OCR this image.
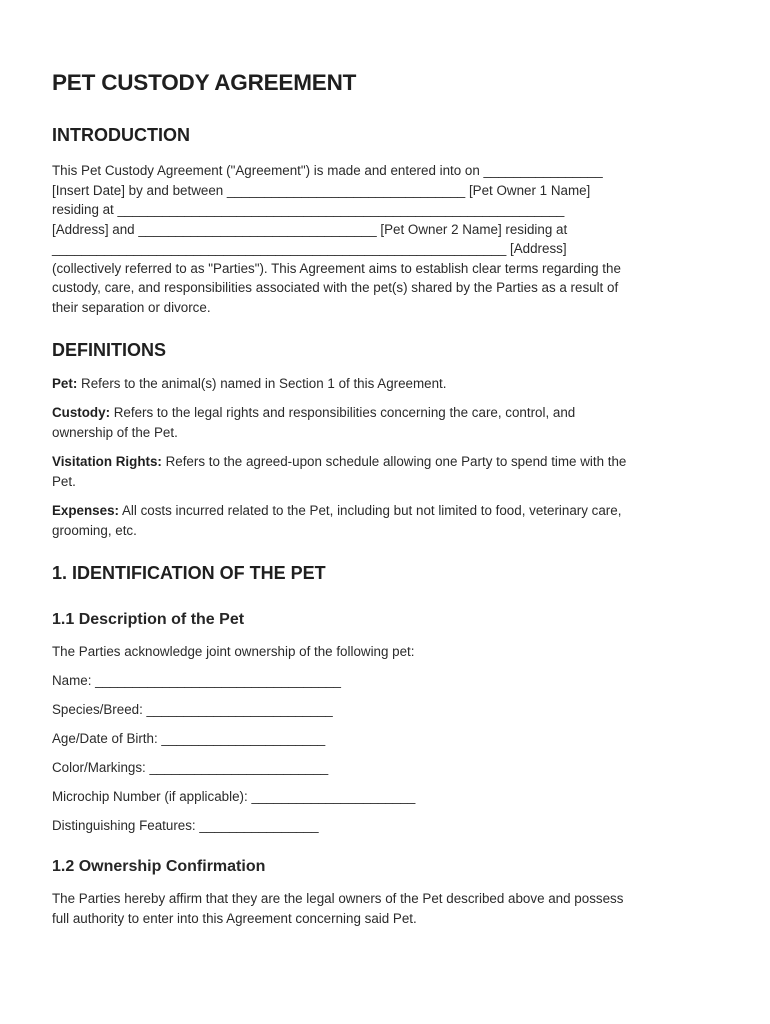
PET CUSTODY AGREEMENT
INTRODUCTION
This Pet Custody Agreement ("Agreement") is made and entered into on ________________
[Insert Date] by and between ________________________________ [Pet Owner 1 Name]
residing at ____________________________________________________________
[Address] and ________________________________ [Pet Owner 2 Name] residing at
_____________________________________________________________ [Address]
(collectively referred to as "Parties"). This Agreement aims to establish clear terms regarding the
custody, care, and responsibilities associated with the pet(s) shared by the Parties as a result of
their separation or divorce.
DEFINITIONS
Pet: Refers to the animal(s) named in Section 1 of this Agreement.
Custody: Refers to the legal rights and responsibilities concerning the care, control, and
ownership of the Pet.
Visitation Rights: Refers to the agreed-upon schedule allowing one Party to spend time with the
Pet.
Expenses: All costs incurred related to the Pet, including but not limited to food, veterinary care,
grooming, etc.
1. IDENTIFICATION OF THE PET
1.1 Description of the Pet

The Parties acknowledge joint ownership of the following pet:

Name: _________________________________

Species/Breed: _________________________

Age/Date of Birth: ______________________

Color/Markings: ________________________

Microchip Number (if applicable): ______________________

Distinguishing Features: ________________

1.2 Ownership Confirmation
The Parties hereby affirm that they are the legal owners of the Pet described above and possess
full authority to enter into this Agreement concerning said Pet.
